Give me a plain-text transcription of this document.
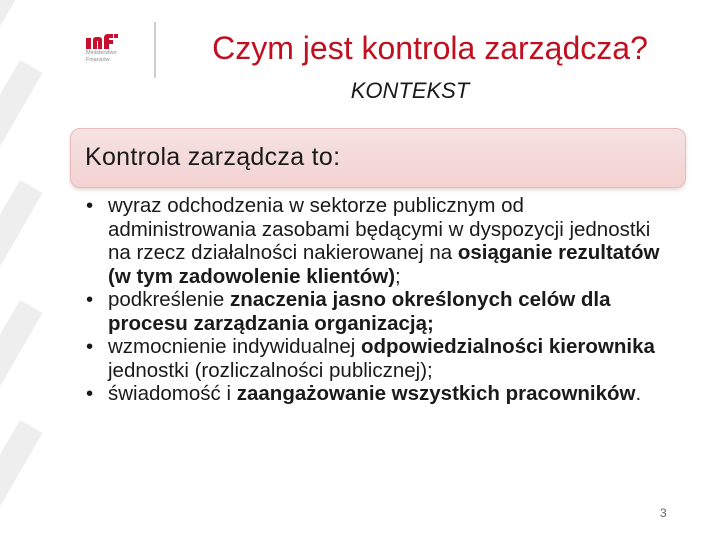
Ministerstwo
Finansów	Czym jest kontrola zarządcza?
KONTEKST
Kontrola zarządcza to:
• wyraz odchodzenia w sektorze publicznym od administrowania zasobami będącymi w dyspozycji jednostki na rzecz działalności nakierowanej na osiąganie rezultatów (w tym zadowolenie klientów);
• podkreślenie znaczenia jasno określonych celów dla procesu zarządzania organizacją;
• wzmocnienie indywidualnej odpowiedzialności kierownika jednostki (rozliczalności publicznej);
• świadomość i zaangażowanie wszystkich pracowników.
3
